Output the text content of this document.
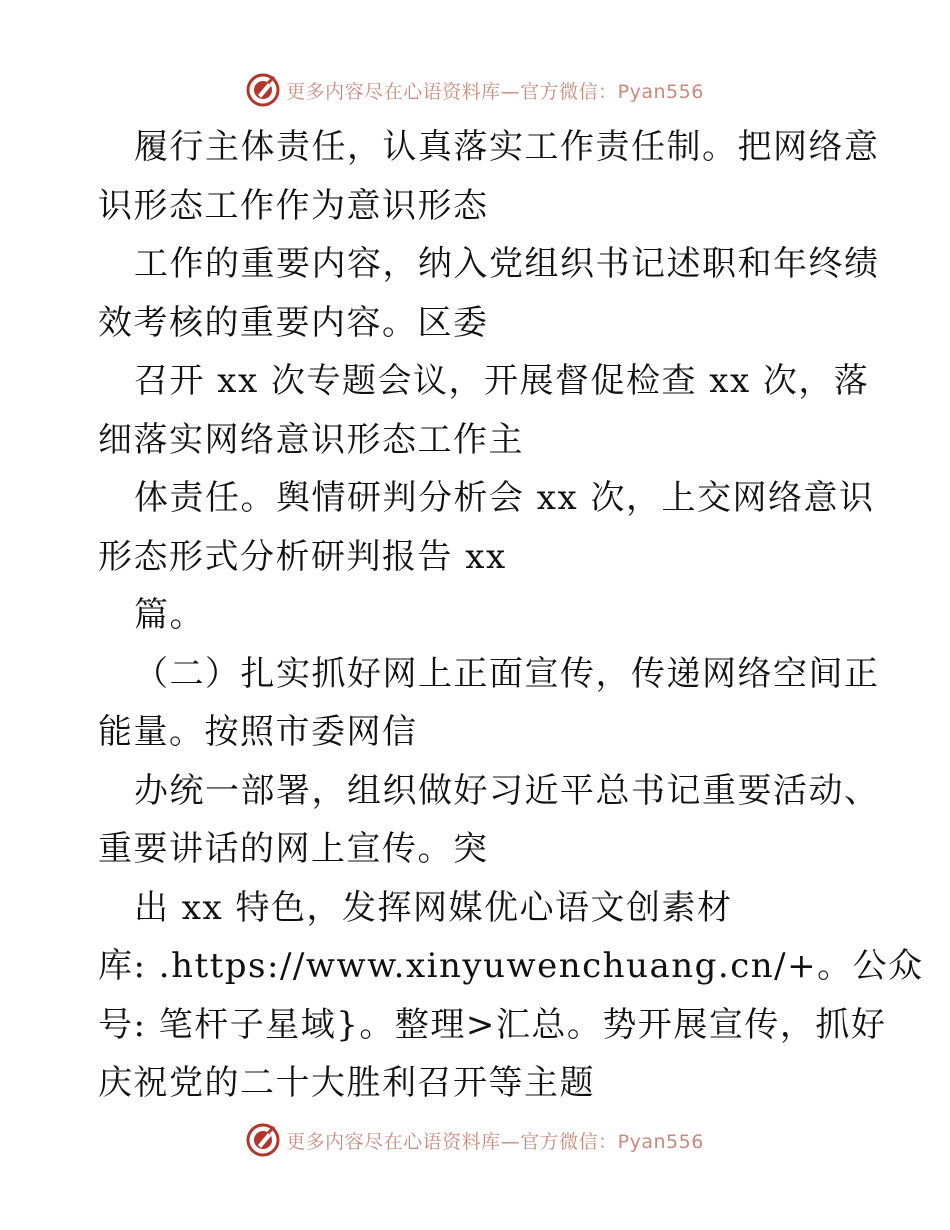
更多内容尽在心语资料库—官方微信：Pyan556
履行主体责任，认真落实工作责任制。把网络意
识形态工作作为意识形态
工作的重要内容，纳入党组织书记述职和年终绩
效考核的重要内容。区委
召开 xx 次专题会议，开展督促检查 xx 次，落
细落实网络意识形态工作主
体责任。舆情研判分析会 xx 次，上交网络意识
形态形式分析研判报告 xx
篇。
（二）扎实抓好网上正面宣传，传递网络空间正
能量。按照市委网信
办统一部署，组织做好习近平总书记重要活动、
重要讲话的网上宣传。突
出 xx 特色，发挥网媒优心语文创素材
库: .https://www.xinyuwenchuang.cn/+。公众
号: 笔杆子星域}。整理>汇总。势开展宣传，抓好
庆祝党的二十大胜利召开等主题
更多内容尽在心语资料库—官方微信：Pyan556
